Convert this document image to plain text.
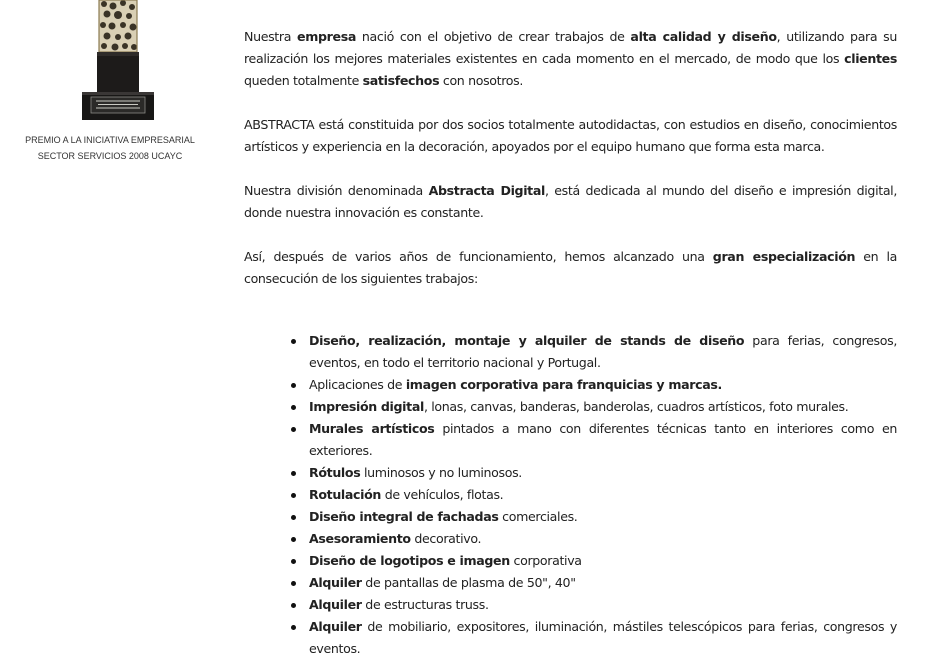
PREMIO A LA INICIATIVA EMPRESARIAL
SECTOR SERVICIOS 2008 UCAYC

Nuestra empresa nació con el objetivo de crear trabajos de alta calidad y diseño, utilizando para su realización los mejores materiales existentes en cada momento en el mercado, de modo que los clientes queden totalmente satisfechos con nosotros.

ABSTRACTA está constituida por dos socios totalmente autodidactas, con estudios en diseño, conocimientos artísticos y experiencia en la decoración, apoyados por el equipo humano que forma esta marca.

Nuestra división denominada Abstracta Digital, está dedicada al mundo del diseño e impresión digital, donde nuestra innovación es constante.

Así, después de varios años de funcionamiento, hemos alcanzado una gran especialización en la consecución de los siguientes trabajos:

Diseño, realización, montaje y alquiler de stands de diseño para ferias, congresos, eventos, en todo el territorio nacional y Portugal.
Aplicaciones de imagen corporativa para franquicias y marcas.
Impresión digital, lonas, canvas, banderas, banderolas, cuadros artísticos, foto murales.
Murales artísticos pintados a mano con diferentes técnicas tanto en interiores como en exteriores.
Rótulos luminosos y no luminosos.
Rotulación de vehículos, flotas.
Diseño integral de fachadas comerciales.
Asesoramiento decorativo.
Diseño de logotipos e imagen corporativa
Alquiler de pantallas de plasma de 50", 40"
Alquiler de estructuras truss.
Alquiler de mobiliario, expositores, iluminación, mástiles telescópicos para ferias, congresos y eventos.
